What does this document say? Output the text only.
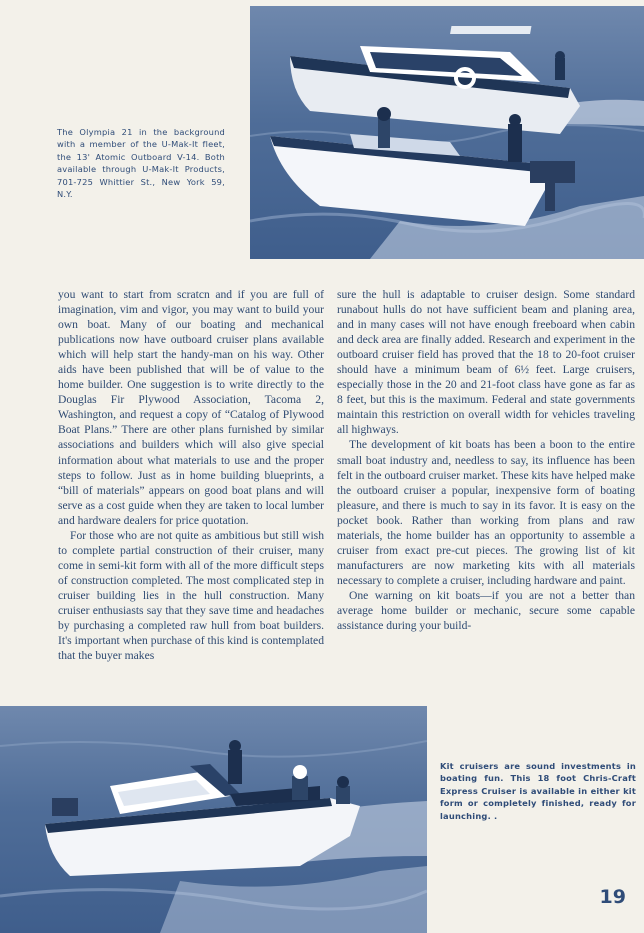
The Olympia 21 in the background with a member of the U-Mak-It fleet, the 13' Atomic Outboard V-14. Both available through U-Mak-It Products, 701-725 Whittier St., New York 59, N.Y.

you want to start from scratcn and if you are full of imagination, vim and vigor, you may want to build your own boat. Many of our boating and mechanical publications now have outboard cruiser plans available which will help start the handy-man on his way. Other aids have been published that will be of value to the home builder. One suggestion is to write directly to the Douglas Fir Plywood Association, Tacoma 2, Washington, and request a copy of “Catalog of Plywood Boat Plans.” There are other plans furnished by similar associations and builders which will also give special information about what materials to use and the proper steps to follow. Just as in home building blueprints, a “bill of materials” appears on good boat plans and will serve as a cost guide when they are taken to local lumber and hardware dealers for price quotation.

For those who are not quite as ambitious but still wish to complete partial construction of their cruiser, many come in semi-kit form with all of the more difficult steps of construction completed. The most complicated step in cruiser building lies in the hull construction. Many cruiser enthusiasts say that they save time and headaches by purchasing a completed raw hull from boat builders. It's important when purchase of this kind is contemplated that the buyer makes

sure the hull is adaptable to cruiser design. Some standard runabout hulls do not have sufficient beam and planing area, and in many cases will not have enough freeboard when cabin and deck area are finally added. Research and experiment in the outboard cruiser field has proved that the 18 to 20-foot cruiser should have a minimum beam of 6½ feet. Large cruisers, especially those in the 20 and 21-foot class have gone as far as 8 feet, but this is the maximum. Federal and state governments maintain this restriction on overall width for vehicles traveling all highways.

The development of kit boats has been a boon to the entire small boat industry and, needless to say, its influence has been felt in the outboard cruiser market. These kits have helped make the outboard cruiser a popular, inexpensive form of boating pleasure, and there is much to say in its favor. It is easy on the pocket book. Rather than working from plans and raw materials, the home builder has an opportunity to assemble a cruiser from exact pre-cut pieces. The growing list of kit manufacturers are now marketing kits with all materials necessary to complete a cruiser, including hardware and paint.

One warning on kit boats—if you are not a better than average home builder or mechanic, secure some capable assistance during your build-

Kit cruisers are sound investments in boating fun. This 18 foot Chris-Craft Express Cruiser is available in either kit form or completely finished, ready for launching. .
19
